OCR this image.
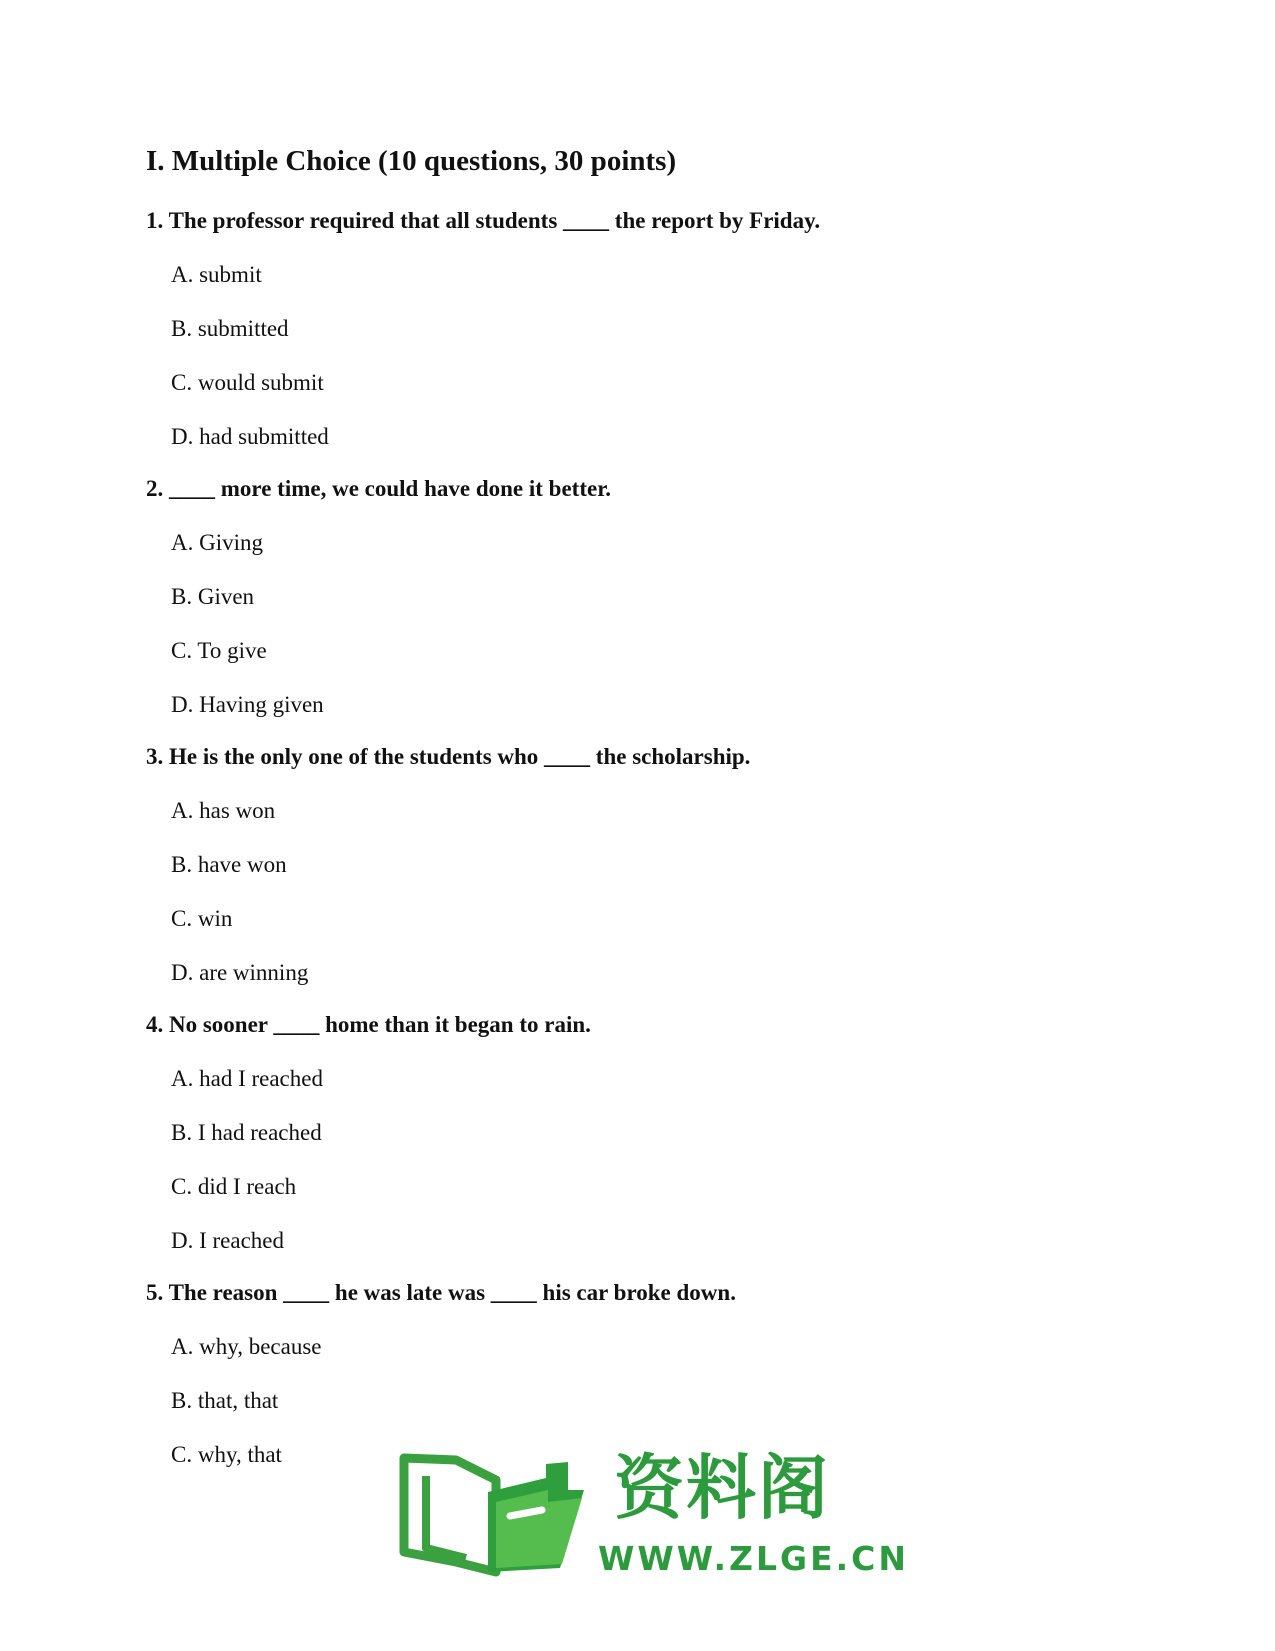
I. Multiple Choice (10 questions, 30 points)

1. The professor required that all students ____ the report by Friday.

A. submit

B. submitted

C. would submit

D. had submitted

2. ____ more time, we could have done it better.

A. Giving

B. Given

C. To give

D. Having given

3. He is the only one of the students who ____ the scholarship.

A. has won

B. have won

C. win

D. are winning

4. No sooner ____ home than it began to rain.

A. had I reached

B. I had reached

C. did I reach

D. I reached

5. The reason ____ he was late was ____ his car broke down.

A. why, because

B. that, that

C. why, that	资料阁
WWW.ZLGE.CN
